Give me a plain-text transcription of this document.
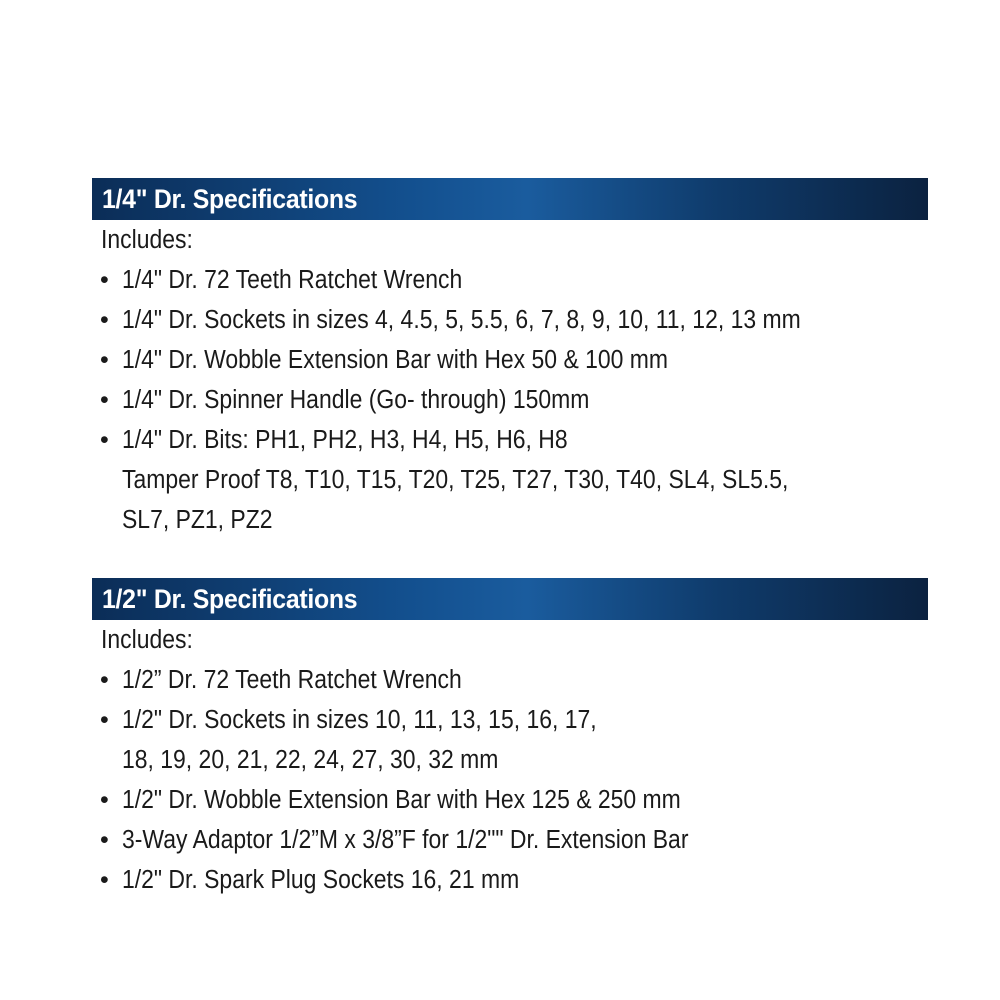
1/4" Dr. Specifications
Includes:
• 1/4" Dr. 72 Teeth Ratchet Wrench
• 1/4" Dr. Sockets in sizes 4, 4.5, 5, 5.5, 6, 7, 8, 9, 10, 11, 12, 13 mm
• 1/4" Dr. Wobble Extension Bar with Hex 50 & 100 mm
• 1/4" Dr. Spinner Handle (Go- through) 150mm
• 1/4" Dr. Bits: PH1, PH2, H3, H4, H5, H6, H8
Tamper Proof T8, T10, T15, T20, T25, T27, T30, T40, SL4, SL5.5,
SL7, PZ1, PZ2
1/2" Dr. Specifications
Includes:
• 1/2” Dr. 72 Teeth Ratchet Wrench
• 1/2" Dr. Sockets in sizes 10, 11, 13, 15, 16, 17,
18, 19, 20, 21, 22, 24, 27, 30, 32 mm
• 1/2" Dr. Wobble Extension Bar with Hex 125 & 250 mm
• 3-Way Adaptor 1/2”M x 3/8”F for 1/2"" Dr. Extension Bar
• 1/2" Dr. Spark Plug Sockets 16, 21 mm
